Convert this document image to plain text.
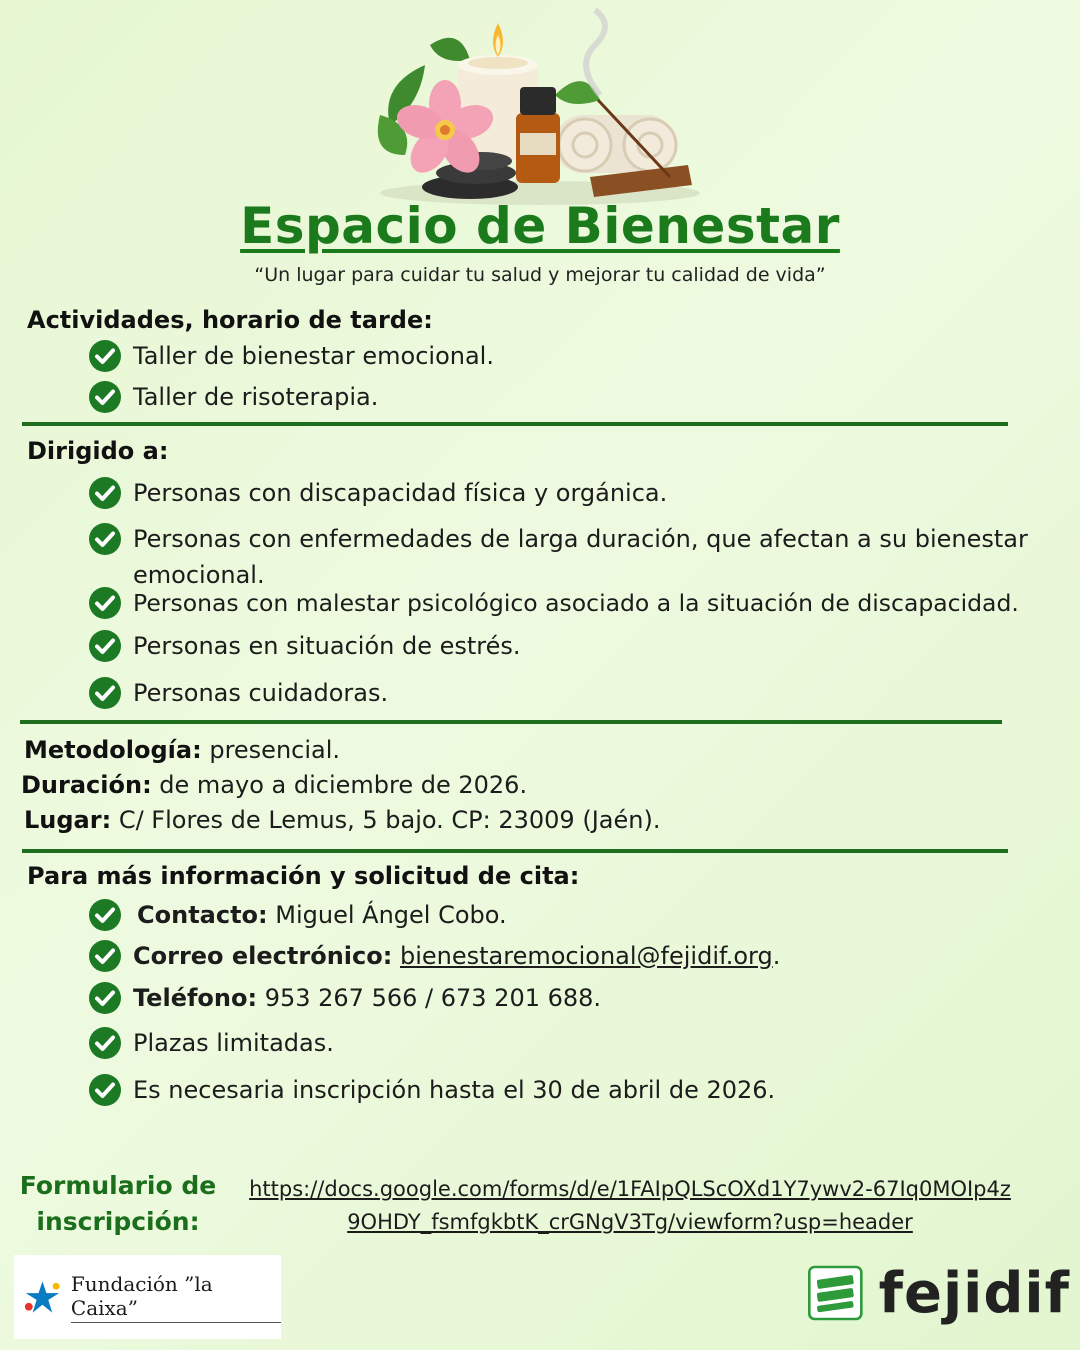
Espacio de Bienestar
“Un lugar para cuidar tu salud y mejorar tu calidad de vida”
Actividades, horario de tarde:
Taller de bienestar emocional.
Taller de risoterapia.
Dirigido a:
Personas con discapacidad física y orgánica.
Personas con enfermedades de larga duración, que afectan a su bienestar emocional.
Personas con malestar psicológico asociado a la situación de discapacidad.
Personas en situación de estrés.
Personas cuidadoras.
Metodología: presencial.
Duración: de mayo a diciembre de 2026.
Lugar: C/ Flores de Lemus, 5 bajo. CP: 23009 (Jaén).
Para más información y solicitud de cita:
Contacto: Miguel Ángel Cobo.
Correo electrónico: bienestaremocional@fejidif.org.
Teléfono: 953 267 566 / 673 201 688.
Plazas limitadas.
Es necesaria inscripción hasta el 30 de abril de 2026.
Formulario de inscripción:
https://docs.google.com/forms/d/e/1FAIpQLScOXd1Y7ywv2-67Iq0MOIp4z9OHDY_fsmfgkbtK_crGNgV3Tg/viewform?usp=header
Fundación ”la Caixa”	fejidif
